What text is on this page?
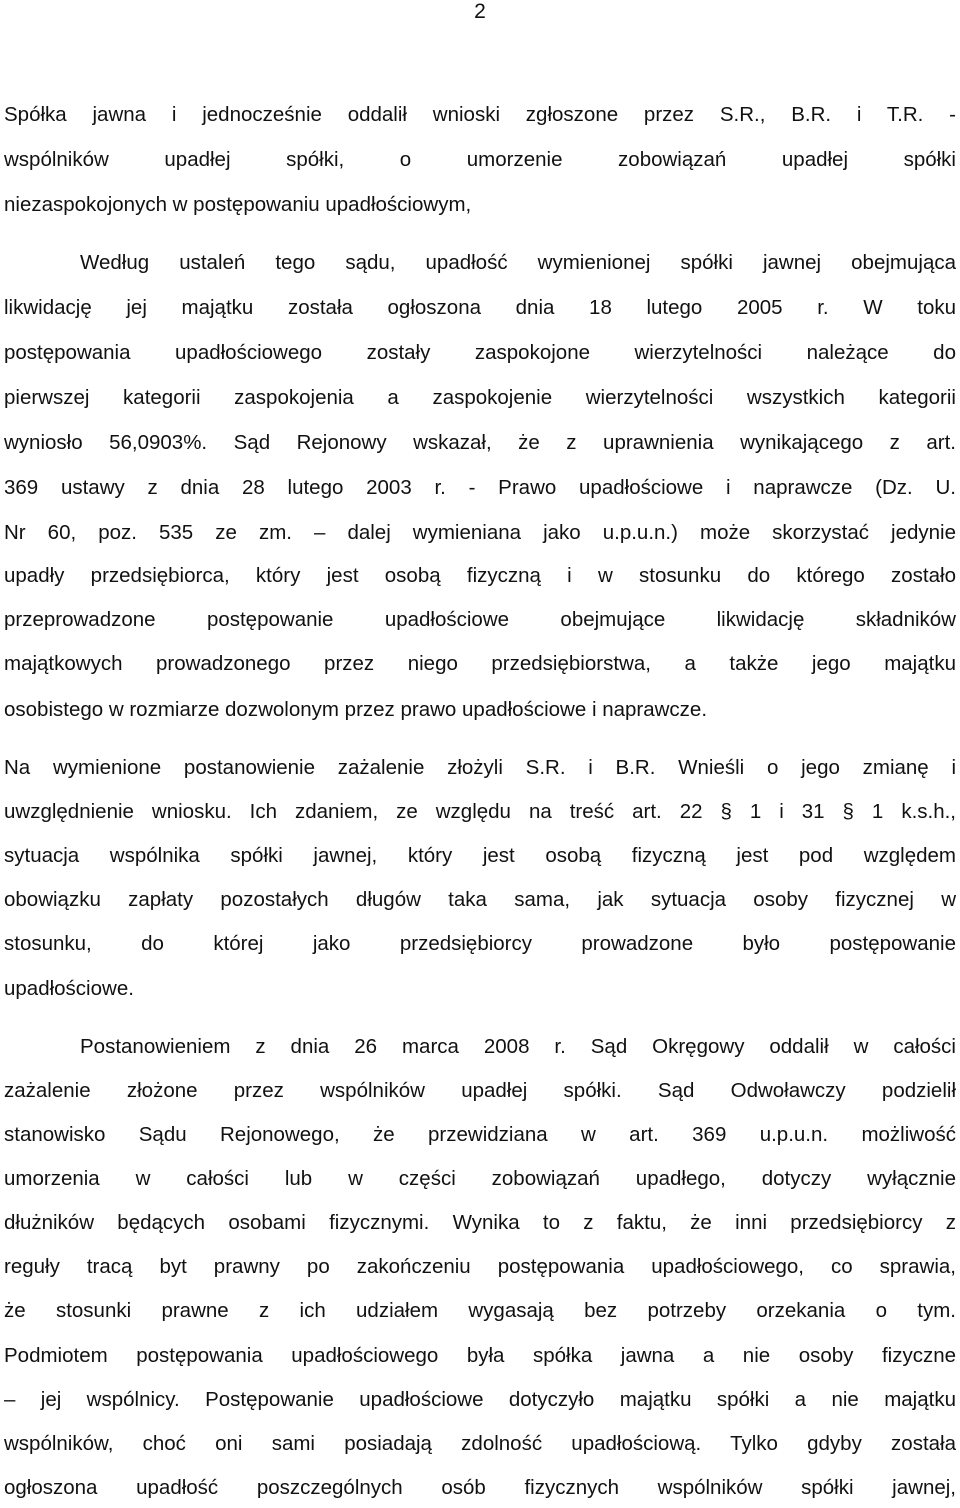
2
Spółka jawna i jednocześnie oddalił wnioski zgłoszone przez S.R., B.R. i T.R. -
wspólników upadłej spółki, o umorzenie zobowiązań upadłej spółki
niezaspokojonych w postępowaniu upadłościowym,
Według ustaleń tego sądu, upadłość wymienionej spółki jawnej obejmująca
likwidację jej majątku została ogłoszona dnia 18 lutego 2005 r. W toku
postępowania upadłościowego zostały zaspokojone wierzytelności należące do
pierwszej kategorii zaspokojenia a zaspokojenie wierzytelności wszystkich kategorii
wyniosło 56,0903%. Sąd Rejonowy wskazał, że z uprawnienia wynikającego z art.
369 ustawy z dnia 28 lutego 2003 r. - Prawo upadłościowe i naprawcze (Dz. U.
Nr 60, poz. 535 ze zm. – dalej wymieniana jako u.p.u.n.) może skorzystać jedynie
upadły przedsiębiorca, który jest osobą fizyczną i w stosunku do którego zostało
przeprowadzone postępowanie upadłościowe obejmujące likwidację składników
majątkowych prowadzonego przez niego przedsiębiorstwa, a także jego majątku
osobistego w rozmiarze dozwolonym przez prawo upadłościowe i naprawcze.
Na wymienione postanowienie zażalenie złożyli S.R. i B.R. Wnieśli o jego zmianę i
uwzględnienie wniosku. Ich zdaniem, ze względu na treść art. 22 § 1 i 31 § 1 k.s.h.,
sytuacja wspólnika spółki jawnej, który jest osobą fizyczną jest pod względem
obowiązku zapłaty pozostałych długów taka sama, jak sytuacja osoby fizycznej w
stosunku, do której jako przedsiębiorcy prowadzone było postępowanie
upadłościowe.
Postanowieniem z dnia 26 marca 2008 r. Sąd Okręgowy oddalił w całości
zażalenie złożone przez wspólników upadłej spółki. Sąd Odwoławczy podzielił
stanowisko Sądu Rejonowego, że przewidziana w art. 369 u.p.u.n. możliwość
umorzenia w całości lub w części zobowiązań upadłego, dotyczy wyłącznie
dłużników będących osobami fizycznymi. Wynika to z faktu, że inni przedsiębiorcy z
reguły tracą byt prawny po zakończeniu postępowania upadłościowego, co sprawia,
że stosunki prawne z ich udziałem wygasają bez potrzeby orzekania o tym.
Podmiotem postępowania upadłościowego była spółka jawna a nie osoby fizyczne
– jej wspólnicy. Postępowanie upadłościowe dotyczyło majątku spółki a nie majątku
wspólników, choć oni sami posiadają zdolność upadłościową. Tylko gdyby została
ogłoszona upadłość poszczególnych osób fizycznych wspólników spółki jawnej,
